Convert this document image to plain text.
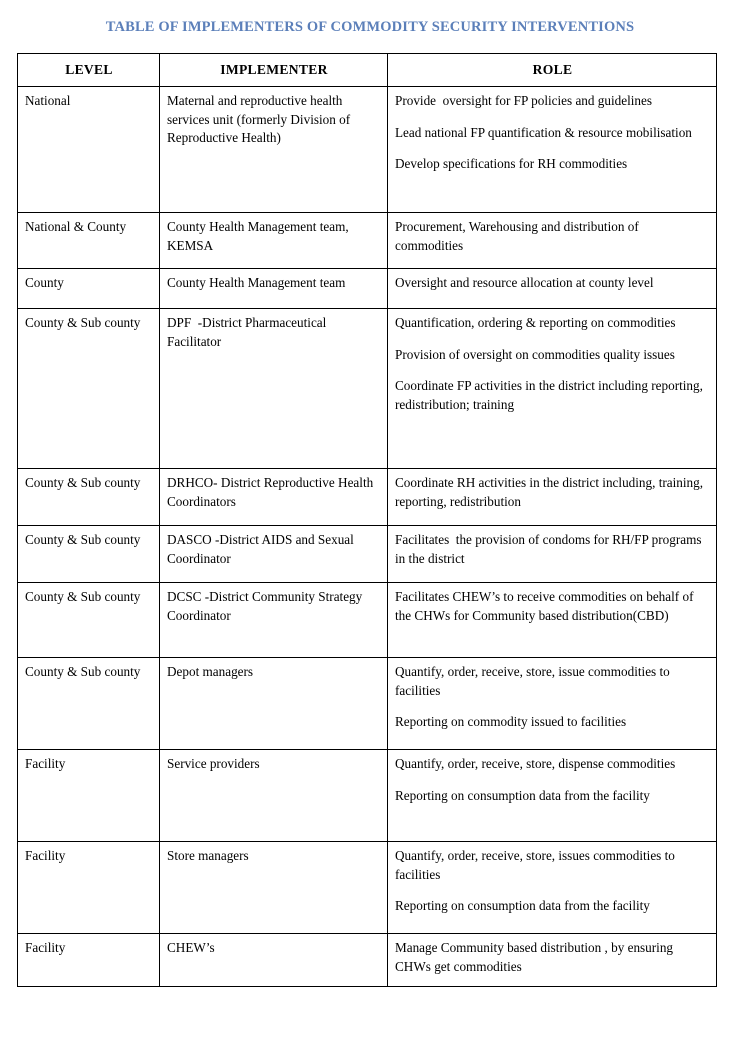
TABLE OF IMPLEMENTERS OF COMMODITY SECURITY INTERVENTIONS
LEVEL	IMPLEMENTER	ROLE
National	Maternal and reproductive health services unit (formerly Division of Reproductive Health)	Provide  oversight for FP policies and guidelines
Lead national FP quantification & resource mobilisation
Develop specifications for RH commodities

National & County	County Health Management team, KEMSA	Procurement, Warehousing and distribution of commodities

County	County Health Management team	Oversight and resource allocation at county level

County & Sub county	DPF  -District Pharmaceutical Facilitator	Quantification, ordering & reporting on commodities
Provision of oversight on commodities quality issues
Coordinate FP activities in the district including reporting, redistribution; training

County & Sub county	DRHCO- District Reproductive Health Coordinators	Coordinate RH activities in the district including, training, reporting, redistribution

County & Sub county	DASCO -District AIDS and Sexual Coordinator	Facilitates  the provision of condoms for RH/FP programs in the district

County & Sub county	DCSC -District Community Strategy Coordinator	Facilitates CHEW’s to receive commodities on behalf of the CHWs for Community based distribution(CBD)

County & Sub county	Depot managers	Quantify, order, receive, store, issue commodities to facilities
Reporting on commodity issued to facilities

Facility	Service providers	Quantify, order, receive, store, dispense commodities
Reporting on consumption data from the facility

Facility	Store managers	Quantify, order, receive, store, issues commodities to facilities
Reporting on consumption data from the facility

Facility	CHEW’s	Manage Community based distribution , by ensuring CHWs get commodities
